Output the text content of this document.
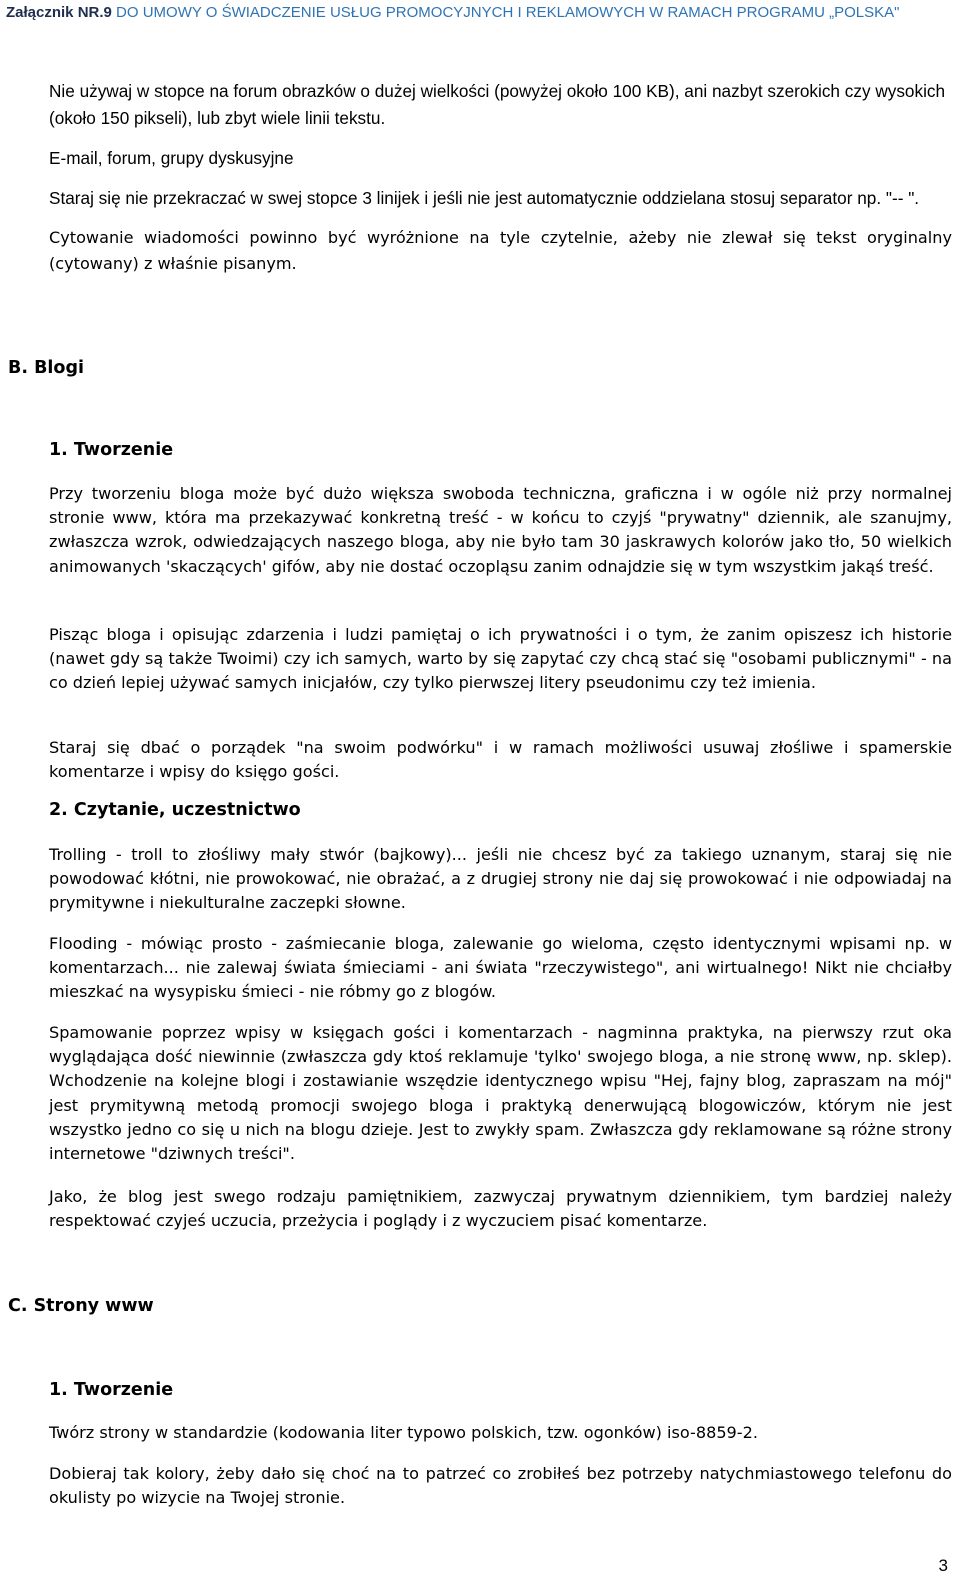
Załącznik NR.9 DO UMOWY O ŚWIADCZENIE USŁUG PROMOCYJNYCH I REKLAMOWYCH W RAMACH PROGRAMU „POLSKA"

Nie używaj w stopce na forum obrazków o dużej wielkości (powyżej około 100 KB), ani nazbyt szerokich czy wysokich (około 150 pikseli), lub zbyt wiele linii tekstu.

E-mail, forum, grupy dyskusyjne

Staraj się nie przekraczać w swej stopce 3 linijek i jeśli nie jest automatycznie oddzielana stosuj separator np. "-- ".

Cytowanie wiadomości powinno być wyróżnione na tyle czytelnie, ażeby nie zlewał się tekst oryginalny (cytowany) z właśnie pisanym.

B. Blogi
1. Tworzenie

Przy tworzeniu bloga może być dużo większa swoboda techniczna, graficzna i w ogóle niż przy normalnej stronie www, która ma przekazywać konkretną treść - w końcu to czyjś "prywatny" dziennik, ale szanujmy, zwłaszcza wzrok, odwiedzających naszego bloga, aby nie było tam 30 jaskrawych kolorów jako tło, 50 wielkich animowanych 'skaczących' gifów, aby nie dostać oczopląsu zanim odnajdzie się w tym wszystkim jakąś treść.

Pisząc bloga i opisując zdarzenia i ludzi pamiętaj o ich prywatności i o tym, że zanim opiszesz ich historie (nawet gdy są także Twoimi) czy ich samych, warto by się zapytać czy chcą stać się "osobami publicznymi" - na co dzień lepiej używać samych inicjałów, czy tylko pierwszej litery pseudonimu czy też imienia.

Staraj się dbać o porządek "na swoim podwórku" i w ramach możliwości usuwaj złośliwe i spamerskie komentarze i wpisy do księgo gości.

2. Czytanie, uczestnictwo

Trolling - troll to złośliwy mały stwór (bajkowy)... jeśli nie chcesz być za takiego uznanym, staraj się nie powodować kłótni, nie prowokować, nie obrażać, a z drugiej strony nie daj się prowokować i nie odpowiadaj na prymitywne i niekulturalne zaczepki słowne.

Flooding - mówiąc prosto - zaśmiecanie bloga, zalewanie go wieloma, często identycznymi wpisami np. w komentarzach... nie zalewaj świata śmieciami - ani świata "rzeczywistego", ani wirtualnego! Nikt nie chciałby mieszkać na wysypisku śmieci - nie róbmy go z blogów.

Spamowanie poprzez wpisy w księgach gości i komentarzach - nagminna praktyka, na pierwszy rzut oka wyglądająca dość niewinnie (zwłaszcza gdy ktoś reklamuje 'tylko' swojego bloga, a nie stronę www, np. sklep). Wchodzenie na kolejne blogi i zostawianie wszędzie identycznego wpisu "Hej, fajny blog, zapraszam na mój" jest prymitywną metodą promocji swojego bloga i praktyką denerwującą blogowiczów, którym nie jest wszystko jedno co się u nich na blogu dzieje. Jest to zwykły spam. Zwłaszcza gdy reklamowane są różne strony internetowe "dziwnych treści".

Jako, że blog jest swego rodzaju pamiętnikiem, zazwyczaj prywatnym dziennikiem, tym bardziej należy respektować czyjeś uczucia, przeżycia i poglądy i z wyczuciem pisać komentarze.

C. Strony www
1. Tworzenie

Twórz strony w standardzie (kodowania liter typowo polskich, tzw. ogonków) iso-8859-2.

Dobieraj tak kolory, żeby dało się choć na to patrzeć co zrobiłeś bez potrzeby natychmiastowego telefonu do okulisty po wizycie na Twojej stronie.

3
